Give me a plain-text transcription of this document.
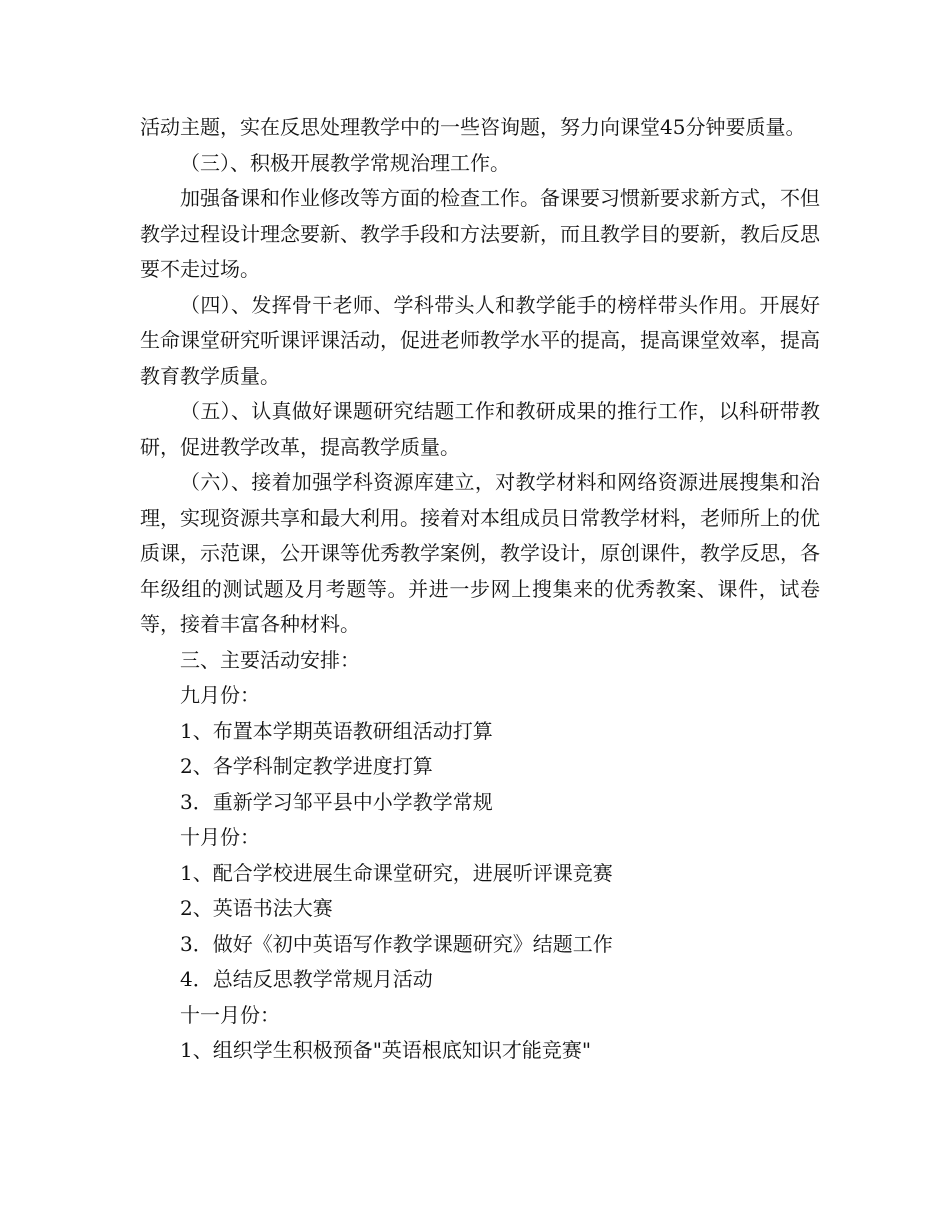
活动主题，实在反思处理教学中的一些咨询题，努力向课堂45分钟要质量。

（三）、积极开展教学常规治理工作。

加强备课和作业修改等方面的检查工作。备课要习惯新要求新方式，不但教学过程设计理念要新、教学手段和方法要新，而且教学目的要新，教后反思要不走过场。

（四）、发挥骨干老师、学科带头人和教学能手的榜样带头作用。开展好生命课堂研究听课评课活动，促进老师教学水平的提高，提高课堂效率，提高教育教学质量。

（五）、认真做好课题研究结题工作和教研成果的推行工作，以科研带教研，促进教学改革，提高教学质量。

（六）、接着加强学科资源库建立，对教学材料和网络资源进展搜集和治理，实现资源共享和最大利用。接着对本组成员日常教学材料，老师所上的优质课，示范课，公开课等优秀教学案例，教学设计，原创课件，教学反思，各年级组的测试题及月考题等。并进一步网上搜集来的优秀教案、课件，试卷等，接着丰富各种材料。

三、主要活动安排：

九月份：

1、布置本学期英语教研组活动打算

2、各学科制定教学进度打算

3．重新学习邹平县中小学教学常规

十月份：

1、配合学校进展生命课堂研究，进展听评课竞赛

2、英语书法大赛

3．做好《初中英语写作教学课题研究》结题工作

4．总结反思教学常规月活动

十一月份：

1、组织学生积极预备"英语根底知识才能竞赛"
